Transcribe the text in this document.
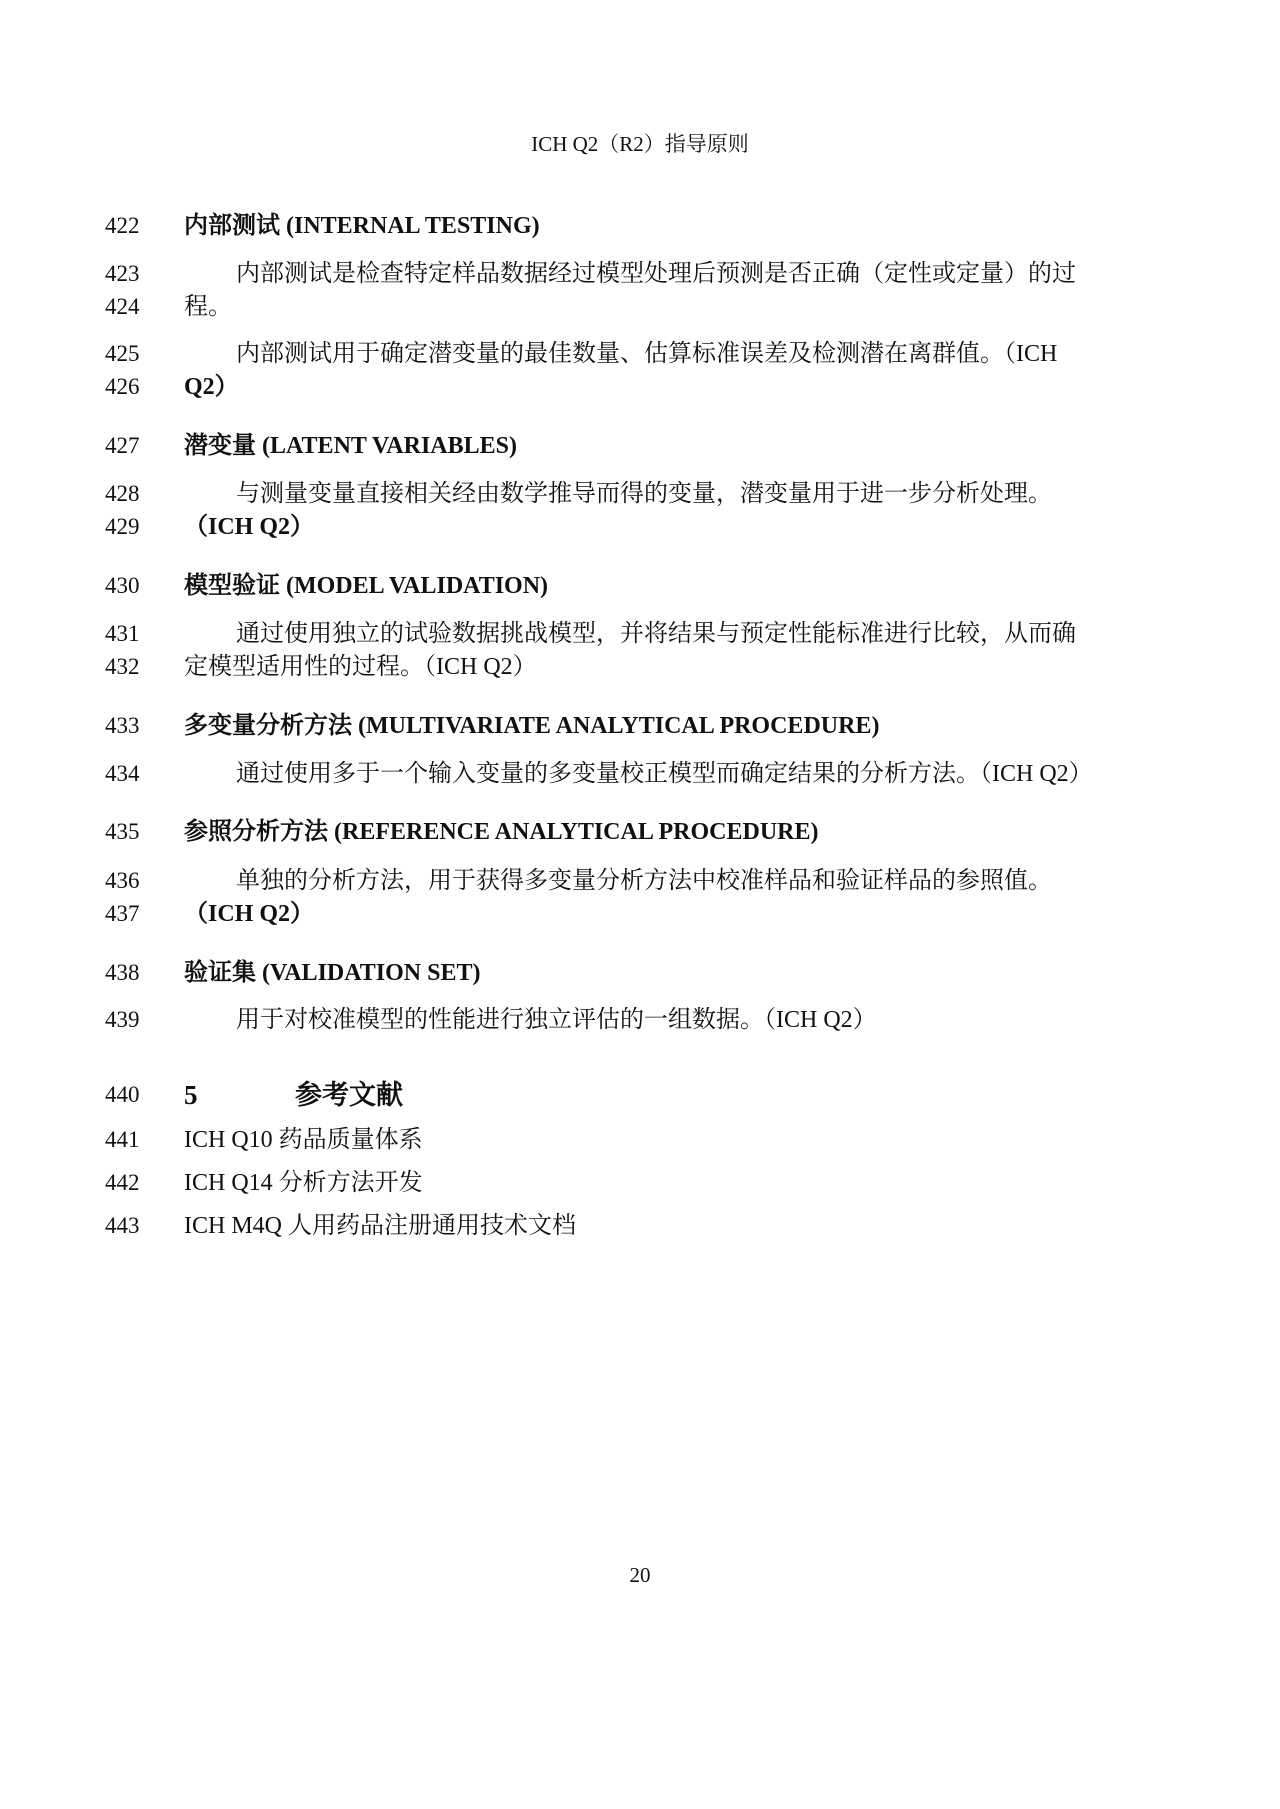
ICH Q2（R2）指导原则
422	内部测试 (INTERNAL TESTING)
423	内部测试是检查特定样品数据经过模型处理后预测是否正确（定性或定量）的过
424	程。
425	内部测试用于确定潜变量的最佳数量、估算标准误差及检测潜在离群值。（ICH
426	Q2）
427	潜变量 (LATENT VARIABLES)
428	与测量变量直接相关经由数学推导而得的变量，潜变量用于进一步分析处理。
429	（ICH Q2）
430	模型验证 (MODEL VALIDATION)
431	通过使用独立的试验数据挑战模型，并将结果与预定性能标准进行比较，从而确
432	定模型适用性的过程。（ICH Q2）
433	多变量分析方法 (MULTIVARIATE ANALYTICAL PROCEDURE)
434	通过使用多于一个输入变量的多变量校正模型而确定结果的分析方法。（ICH Q2）
435	参照分析方法 (REFERENCE ANALYTICAL PROCEDURE)
436	单独的分析方法，用于获得多变量分析方法中校准样品和验证样品的参照值。
437	（ICH Q2）
438	验证集 (VALIDATION SET)
439	用于对校准模型的性能进行独立评估的一组数据。（ICH Q2）
440	5	参考文献
441	ICH Q10 药品质量体系
442	ICH Q14 分析方法开发
443	ICH M4Q 人用药品注册通用技术文档
20
